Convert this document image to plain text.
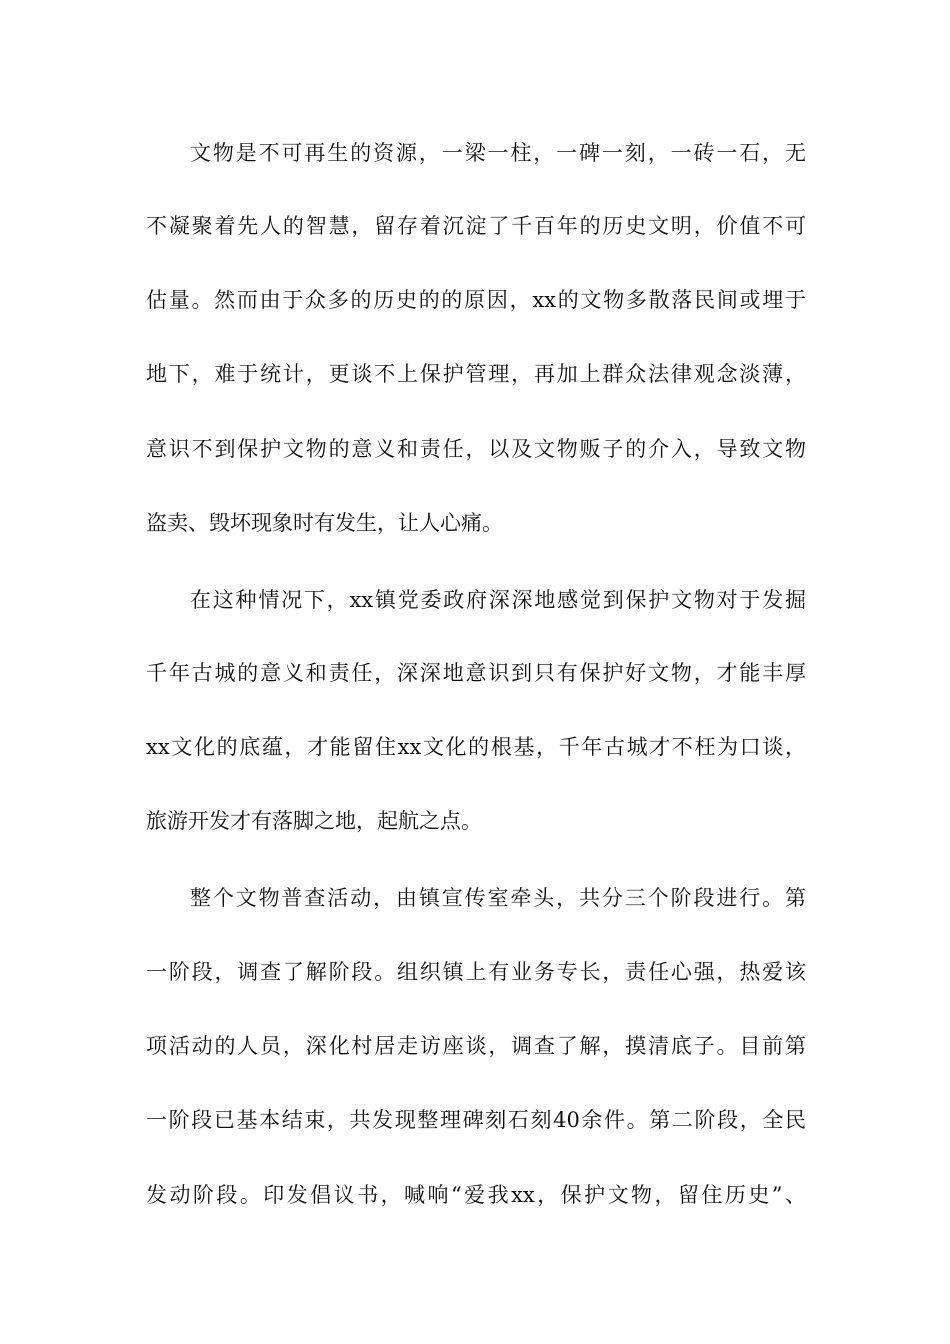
文物是不可再生的资源，一梁一柱，一碑一刻，一砖一石，无
不凝聚着先人的智慧，留存着沉淀了千百年的历史文明，价值不可
估量。然而由于众多的历史的的原因，xx的文物多散落民间或埋于
地下，难于统计，更谈不上保护管理，再加上群众法律观念淡薄，
意识不到保护文物的意义和责任，以及文物贩子的介入，导致文物
盗卖、毁坏现象时有发生，让人心痛。
在这种情况下，xx镇党委政府深深地感觉到保护文物对于发掘
千年古城的意义和责任，深深地意识到只有保护好文物，才能丰厚
xx文化的底蕴，才能留住xx文化的根基，千年古城才不枉为口谈，
旅游开发才有落脚之地，起航之点。
整个文物普查活动，由镇宣传室牵头，共分三个阶段进行。第
一阶段，调查了解阶段。组织镇上有业务专长，责任心强，热爱该
项活动的人员，深化村居走访座谈，调查了解，摸清底子。目前第
一阶段已基本结束，共发现整理碑刻石刻40余件。第二阶段，全民
发动阶段。印发倡议书，喊响“爱我xx，保护文物，留住历史”、
